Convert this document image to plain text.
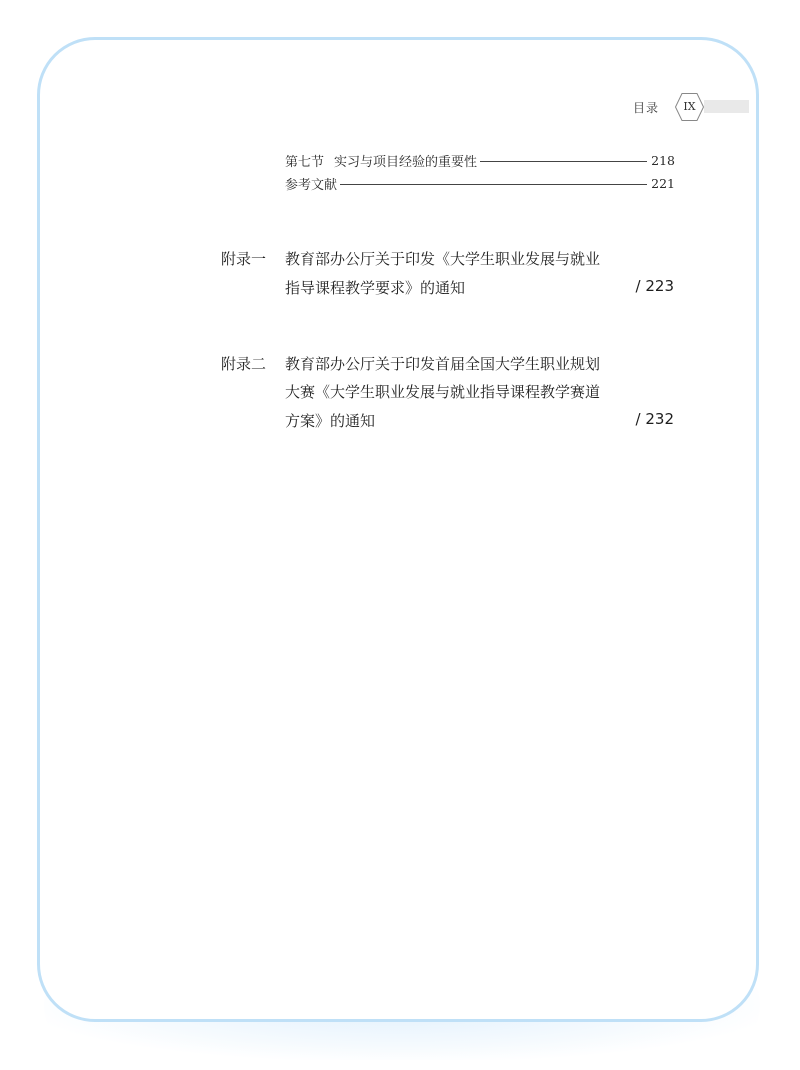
目录	IX
第七节 实习与项目经验的重要性	218
参考文献	221
附录一 教育部办公厅关于印发《大学生职业发展与就业
指导课程教学要求》的通知	/ 223
附录二 教育部办公厅关于印发首届全国大学生职业规划
大赛《大学生职业发展与就业指导课程教学赛道
方案》的通知	/ 232
